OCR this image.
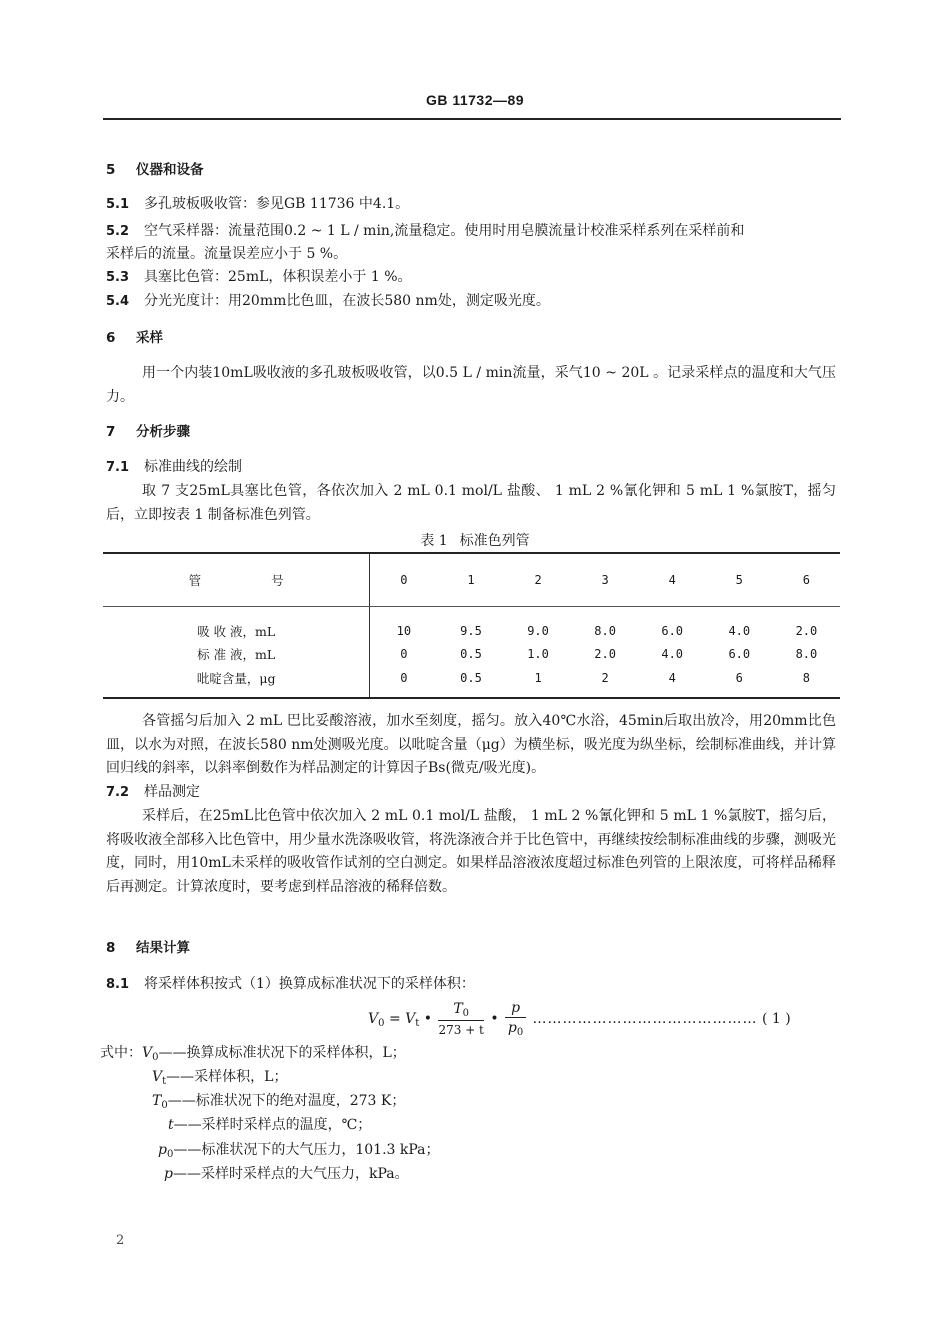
GB 11732—89
5 仪器和设备
5.1 多孔玻板吸收管：参见GB 11736 中4.1。
5.2 空气采样器：流量范围0.2 ~ 1 L / min,流量稳定。使用时用皂膜流量计校准采样系列在采样前和
采样后的流量。流量误差应小于 5 %。
5.3 具塞比色管：25mL，体积误差小于 1 %。
5.4 分光光度计：用20mm比色皿，在波长580 nm处，测定吸光度。
6 采样
用一个内装10mL吸收液的多孔玻板吸收管，以0.5 L / min流量，采气10 ~ 20L 。记录采样点的温度和大气压力。
7 分析步骤
7.1 标准曲线的绘制
取 7 支25mL具塞比色管，各依次加入 2 mL 0.1 mol/L 盐酸、 1 mL 2 %氰化钾和 5 mL 1 %氯胺T，摇匀后，立即按表 1 制备标准色列管。
表 1 标准色列管
管 号	0	1	2	3	4	5	6

吸 收 液，mL	10	9.5	9.0	8.0	6.0	4.0	2.0
标 准 液，mL	0	0.5	1.0	2.0	4.0	6.0	8.0
吡啶含量，μg	0	0.5	1	2	4	6	8
各管摇匀后加入 2 mL 巴比妥酸溶液，加水至刻度，摇匀。放入40℃水浴，45min后取出放冷，用20mm比色皿，以水为对照，在波长580 nm处测吸光度。以吡啶含量（μg）为横坐标，吸光度为纵坐标，绘制标准曲线，并计算回归线的斜率，以斜率倒数作为样品测定的计算因子Bs(微克/吸光度)。
7.2 样品测定
采样后，在25mL比色管中依次加入 2 mL 0.1 mol/L 盐酸， 1 mL 2 %氰化钾和 5 mL 1 %氯胺T，摇匀后，将吸收液全部移入比色管中，用少量水洗涤吸收管，将洗涤液合并于比色管中，再继续按绘制标准曲线的步骤，测吸光度，同时，用10mL未采样的吸收管作试剂的空白测定。如果样品溶液浓度超过标准色列管的上限浓度，可将样品稀释后再测定。计算浓度时，要考虑到样品溶液的稀释倍数。
8 结果计算
8.1 将采样体积按式（1）换算成标准状况下的采样体积：
$V_0 = V_t$ • $\frac{T_0}{273 + t}$ • $\frac{p}{p_0}$ ……………………………………… ( 1 )
式中：$V_0——$换算成标准状况下的采样体积，L；
$V_t——$采样体积，L；
$T_0——$标准状况下的绝对温度，273 K；
t——采样时采样点的温度，℃；
$p_0——$标准状况下的大气压力，101.3 kPa；
p——采样时采样点的大气压力，kPa。
2
